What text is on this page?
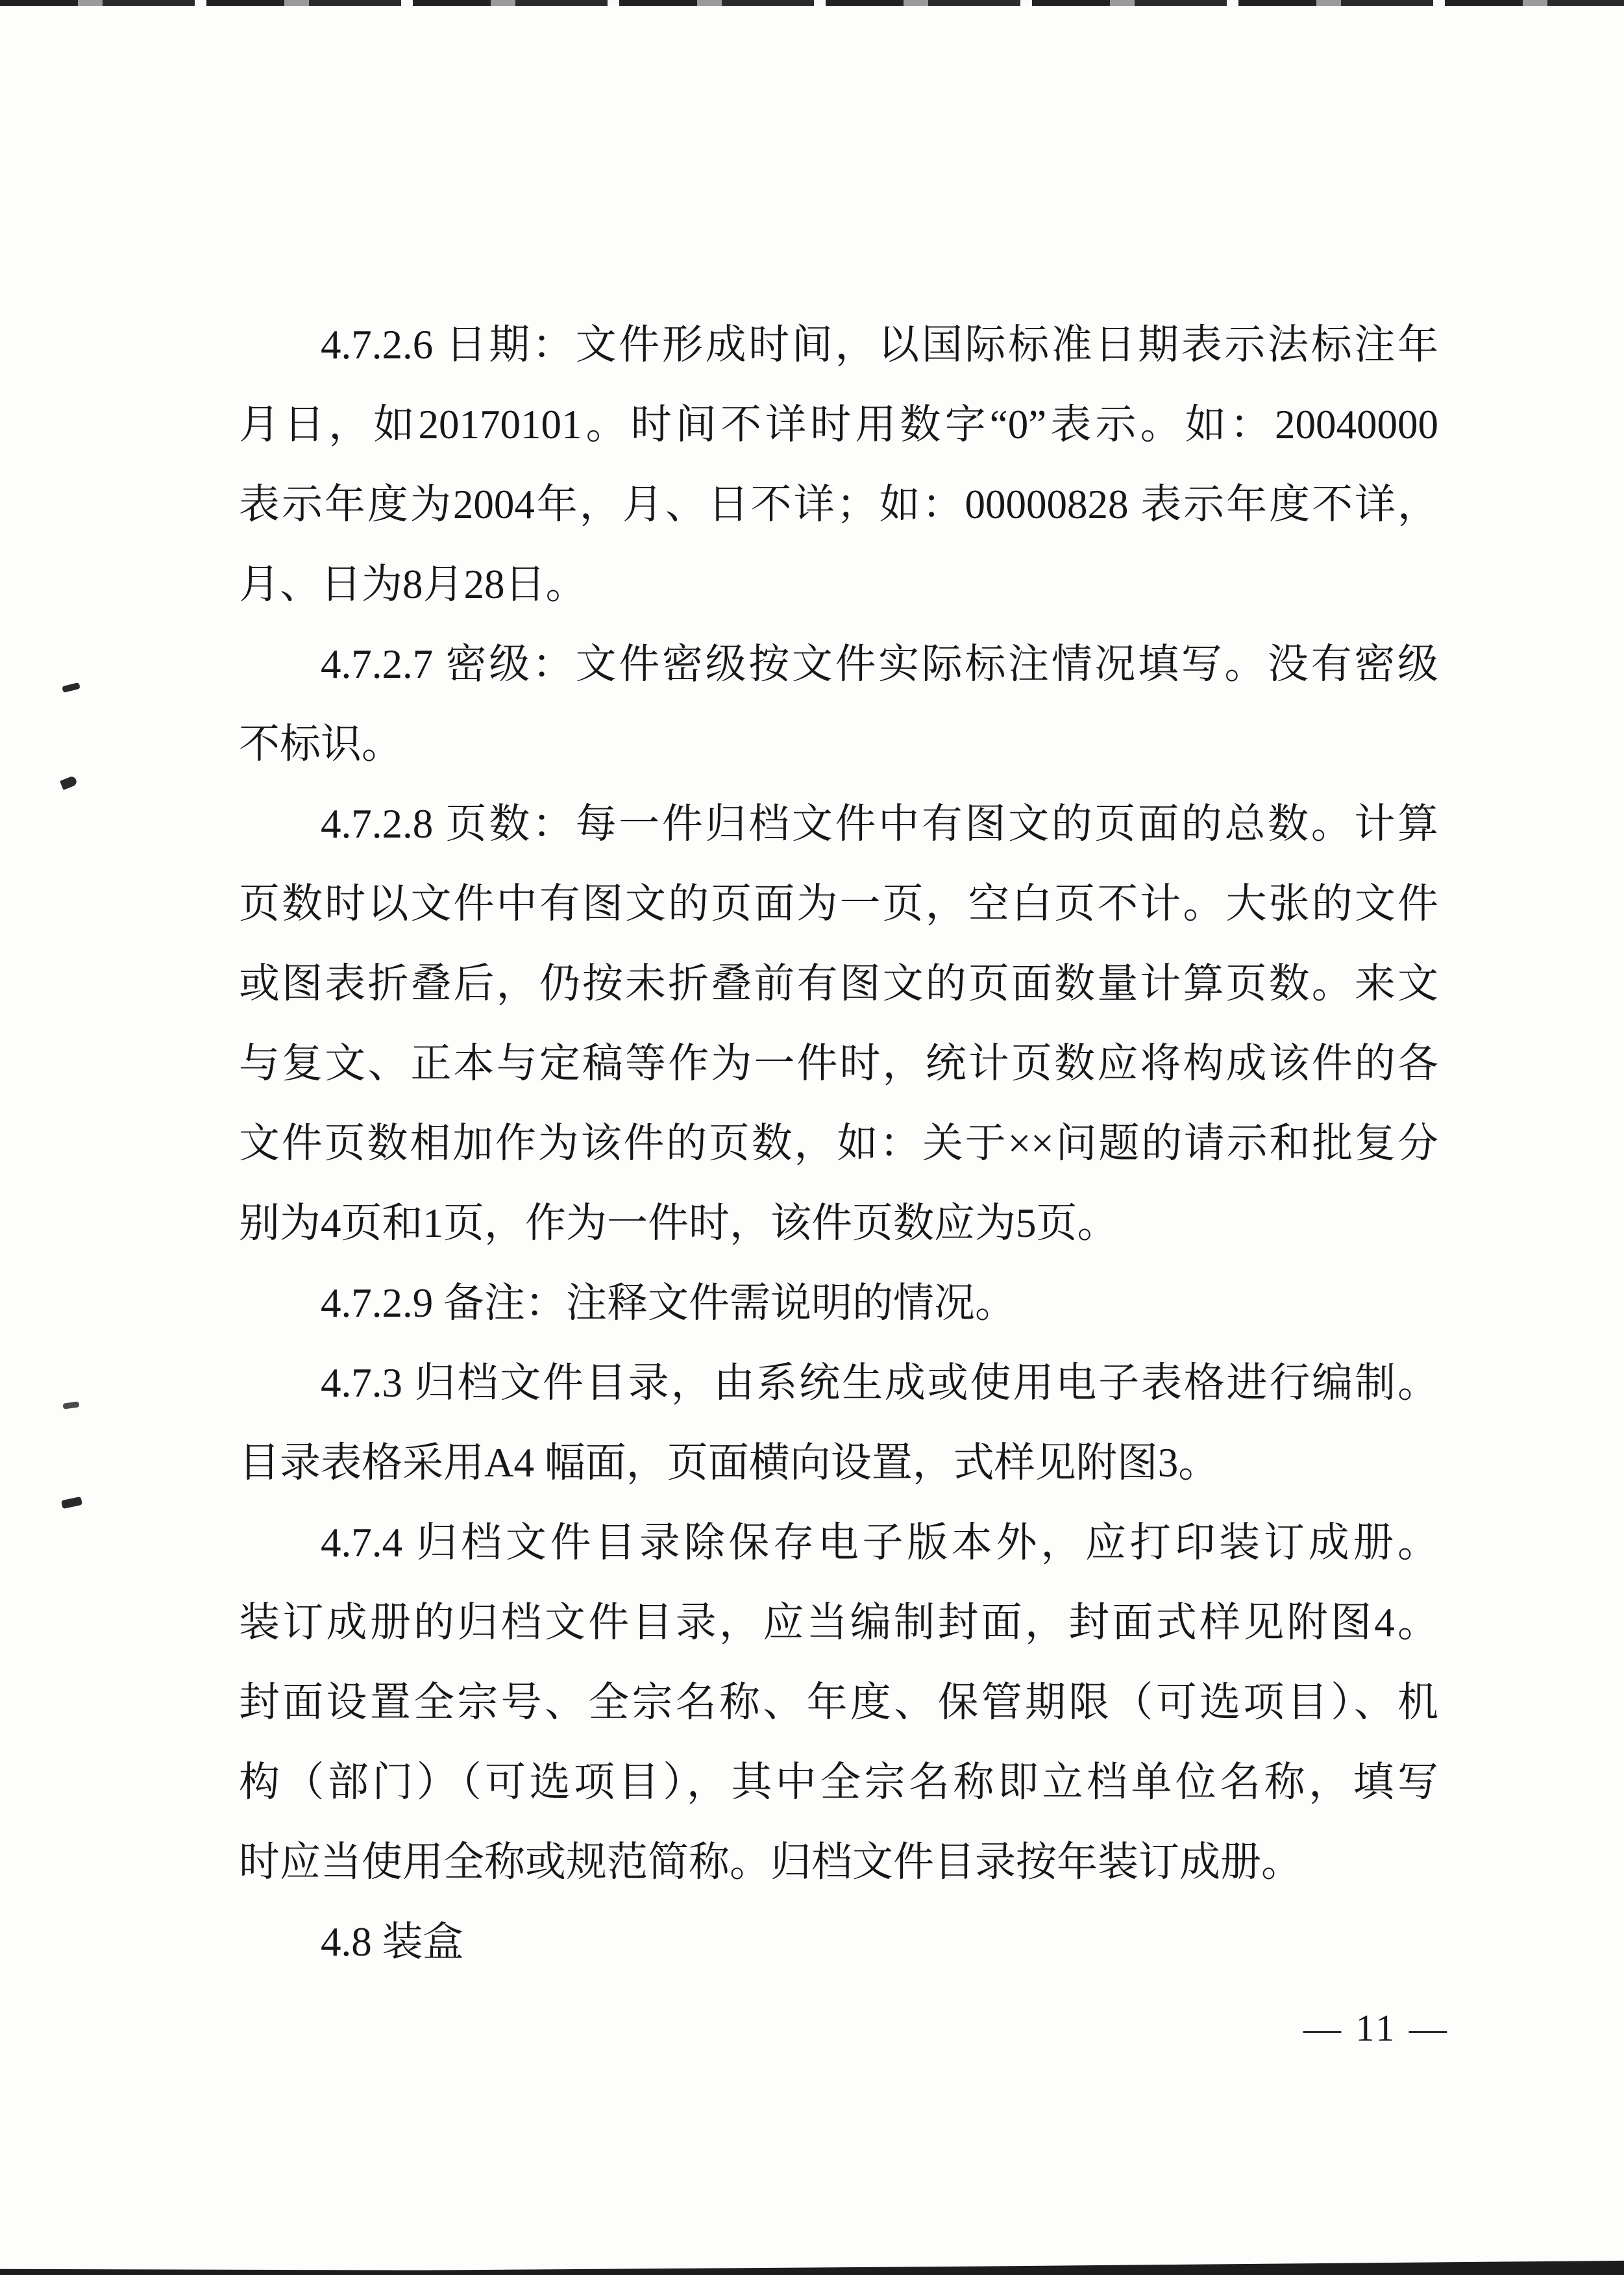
4.7.2.6 日期：文件形成时间，以国际标准日期表示法标注年
月日，如20170101。时间不详时用数字“0”表示。如：20040000
表示年度为2004年，月、日不详；如：00000828 表示年度不详，
月、日为8月28日。
4.7.2.7 密级：文件密级按文件实际标注情况填写。没有密级
不标识。
4.7.2.8 页数：每一件归档文件中有图文的页面的总数。计算
页数时以文件中有图文的页面为一页，空白页不计。大张的文件
或图表折叠后，仍按未折叠前有图文的页面数量计算页数。来文
与复文、正本与定稿等作为一件时，统计页数应将构成该件的各
文件页数相加作为该件的页数，如：关于××问题的请示和批复分
别为4页和1页，作为一件时，该件页数应为5页。
4.7.2.9 备注：注释文件需说明的情况。
4.7.3 归档文件目录，由系统生成或使用电子表格进行编制。
目录表格采用A4 幅面，页面横向设置，式样见附图3。
4.7.4 归档文件目录除保存电子版本外，应打印装订成册。
装订成册的归档文件目录，应当编制封面，封面式样见附图4。
封面设置全宗号、全宗名称、年度、保管期限（可选项目）、机
构（部门）（可选项目），其中全宗名称即立档单位名称，填写
时应当使用全称或规范简称。归档文件目录按年装订成册。
4.8 装盒
— 11 —
